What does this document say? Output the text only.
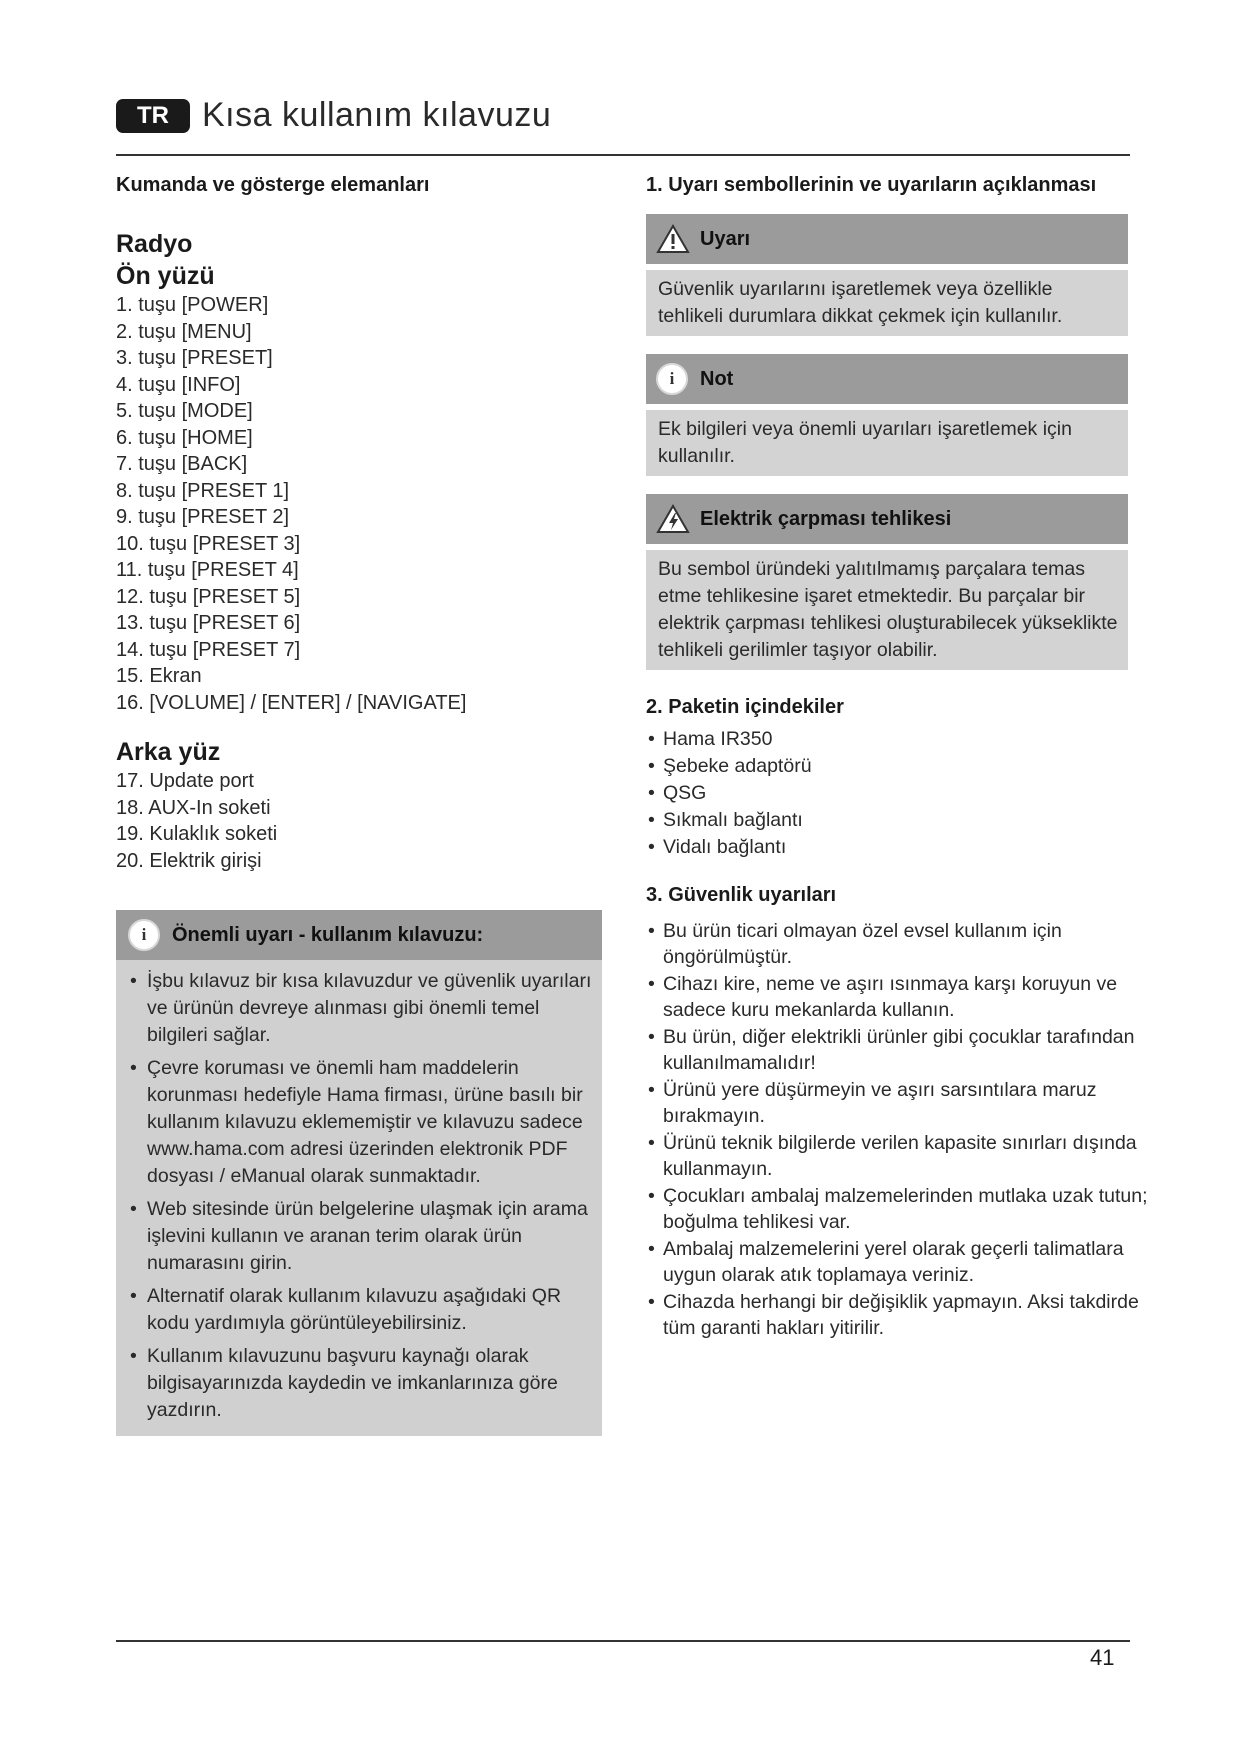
TR Kısa kullanım kılavuzu

Kumanda ve gösterge elemanları

Radyo

Ön yüzü

1. tuşu [POWER]
2. tuşu [MENU]
3. tuşu [PRESET]
4. tuşu [INFO]
5. tuşu [MODE]
6. tuşu [HOME]
7. tuşu [BACK]
8. tuşu [PRESET 1]
9. tuşu [PRESET 2]
10. tuşu [PRESET 3]
11. tuşu [PRESET 4]
12. tuşu [PRESET 5]
13. tuşu [PRESET 6]
14. tuşu [PRESET 7]
15. Ekran
16. [VOLUME] / [ENTER] / [NAVIGATE]

Arka yüz

17. Update port
18. AUX-In soketi
19. Kulaklık soketi
20. Elektrik girişi
i	Önemli uyarı - kullanım kılavuzu:
• İşbu kılavuz bir kısa kılavuzdur ve güvenlik uyarıları ve ürünün devreye alınması gibi önemli temel bilgileri sağlar.
• Çevre koruması ve önemli ham maddelerin korunması hedefiyle Hama firması, ürüne basılı bir kullanım kılavuzu eklememiştir ve kılavuzu sadece www.hama.com adresi üzerinden elektronik PDF dosyası / eManual olarak sunmaktadır.
• Web sitesinde ürün belgelerine ulaşmak için arama işlevini kullanın ve aranan terim olarak ürün numarasını girin.
• Alternatif olarak kullanım kılavuzu aşağıdaki QR kodu yardımıyla görüntüleyebilirsiniz.
• Kullanım kılavuzunu başvuru kaynağı olarak bilgisayarınızda kaydedin ve imkanlarınıza göre yazdırın.

1. Uyarı sembollerinin ve uyarıların açıklanması

Uyarı
Güvenlik uyarılarını işaretlemek veya özellikle tehlikeli durumlara dikkat çekmek için kullanılır.
i	Not
Ek bilgileri veya önemli uyarıları işaretlemek için kullanılır.
Elektrik çarpması tehlikesi
Bu sembol üründeki yalıtılmamış parçalara temas etme tehlikesine işaret etmektedir. Bu parçalar bir elektrik çarpması tehlikesi oluşturabilecek yükseklikte tehlikeli gerilimler taşıyor olabilir.

2. Paketin içindekiler

• Hama IR350
• Şebeke adaptörü
• QSG
• Sıkmalı bağlantı
• Vidalı bağlantı

3. Güvenlik uyarıları

• Bu ürün ticari olmayan özel evsel kullanım için öngörülmüştür.
• Cihazı kire, neme ve aşırı ısınmaya karşı koruyun ve sadece kuru mekanlarda kullanın.
• Bu ürün, diğer elektrikli ürünler gibi çocuklar tarafından kullanılmamalıdır!
• Ürünü yere düşürmeyin ve aşırı sarsıntılara maruz bırakmayın.
• Ürünü teknik bilgilerde verilen kapasite sınırları dışında kullanmayın.
• Çocukları ambalaj malzemelerinden mutlaka uzak tutun; boğulma tehlikesi var.
• Ambalaj malzemelerini yerel olarak geçerli talimatlara uygun olarak atık toplamaya veriniz.
• Cihazda herhangi bir değişiklik yapmayın. Aksi takdirde tüm garanti hakları yitirilir.
41
